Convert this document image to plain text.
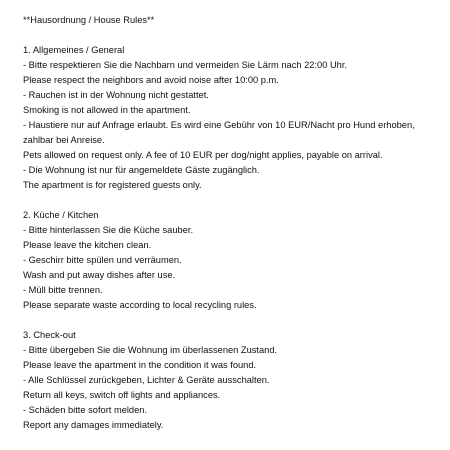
**Hausordnung / House Rules**
1. Allgemeines / General
- Bitte respektieren Sie die Nachbarn und vermeiden Sie Lärm nach 22:00 Uhr.
Please respect the neighbors and avoid noise after 10:00 p.m.
- Rauchen ist in der Wohnung nicht gestattet.
Smoking is not allowed in the apartment.
- Haustiere nur auf Anfrage erlaubt. Es wird eine Gebühr von 10 EUR/Nacht pro Hund erhoben, zahlbar bei Anreise.
Pets allowed on request only. A fee of 10 EUR per dog/night applies, payable on arrival.
- Die Wohnung ist nur für angemeldete Gäste zugänglich.
The apartment is for registered guests only.
2. Küche / Kitchen
- Bitte hinterlassen Sie die Küche sauber.
Please leave the kitchen clean.
- Geschirr bitte spülen und verräumen.
Wash and put away dishes after use.
- Müll bitte trennen.
Please separate waste according to local recycling rules.
3. Check-out
- Bitte übergeben Sie die Wohnung im überlassenen Zustand.
Please leave the apartment in the condition it was found.
- Alle Schlüssel zurückgeben, Lichter & Geräte ausschalten.
Return all keys, switch off lights and appliances.
- Schäden bitte sofort melden.
Report any damages immediately.
